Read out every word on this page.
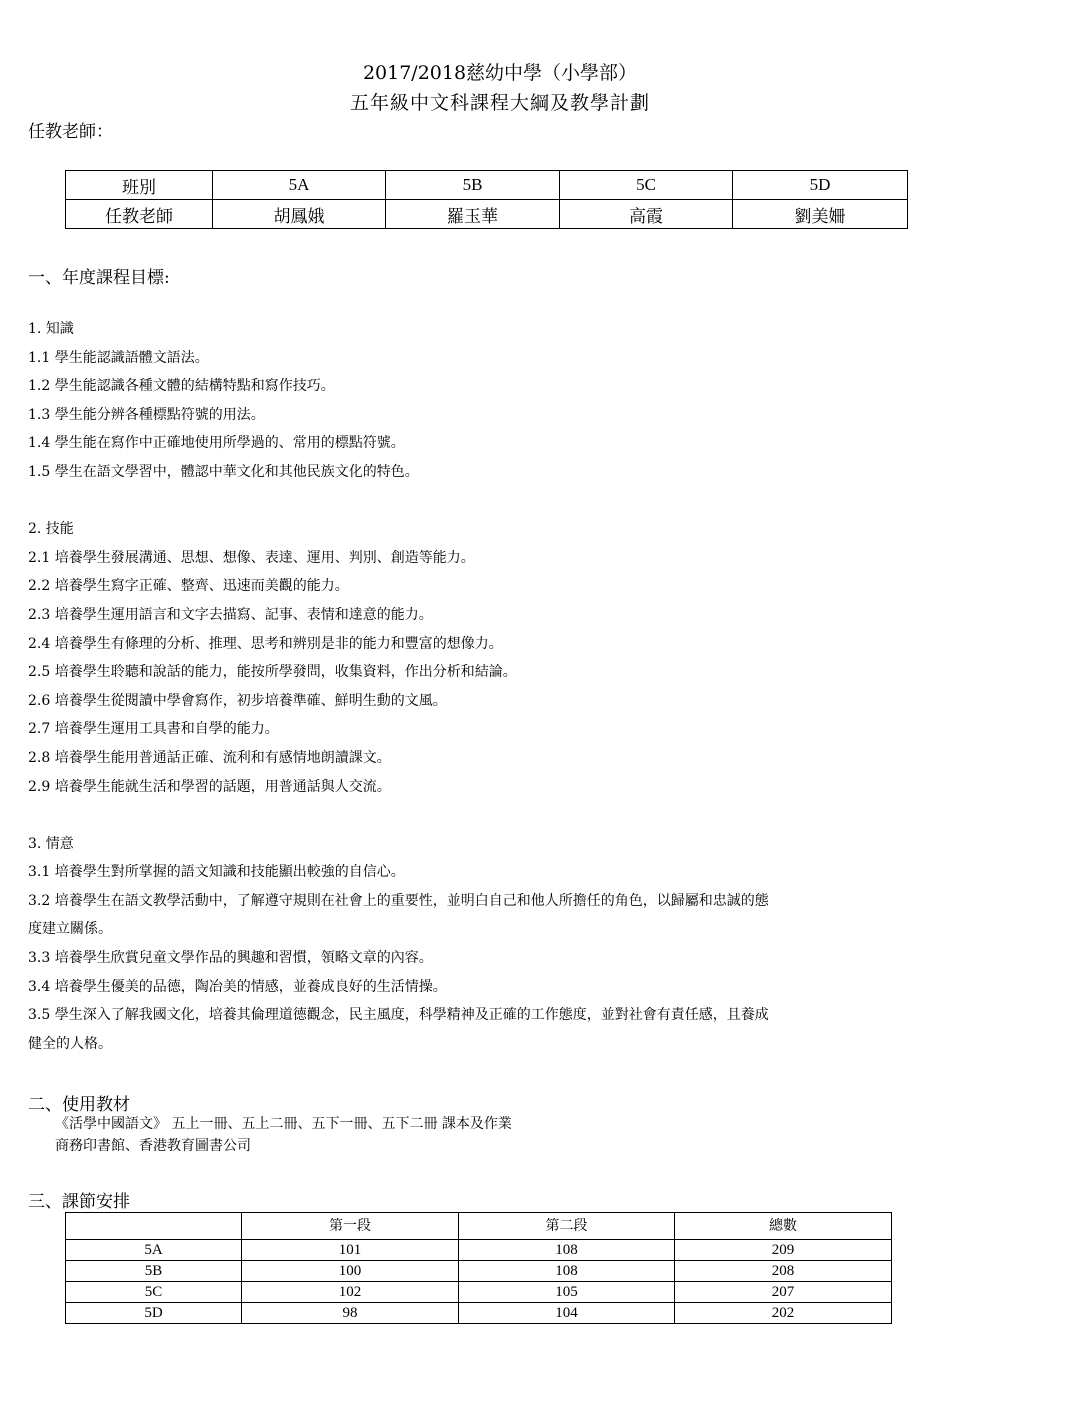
2017/2018慈幼中學（小學部）
五年級中文科課程大綱及教學計劃
任教老師：
班別	5A	5B	5C	5D
任教老師	胡鳳娥	羅玉華	高霞	劉美姍
一、年度課程目標:
1. 知識
1.1 學生能認識語體文語法。
1.2 學生能認識各種文體的結構特點和寫作技巧。
1.3 學生能分辨各種標點符號的用法。
1.4 學生能在寫作中正確地使用所學過的、常用的標點符號。
1.5 學生在語文學習中，體認中華文化和其他民族文化的特色。
2. 技能
2.1 培養學生發展溝通、思想、想像、表達、運用、判別、創造等能力。
2.2 培養學生寫字正確、整齊、迅速而美觀的能力。
2.3 培養學生運用語言和文字去描寫、記事、表情和達意的能力。
2.4 培養學生有條理的分析、推理、思考和辨別是非的能力和豐富的想像力。
2.5 培養學生聆聽和說話的能力，能按所學發問，收集資料，作出分析和結論。
2.6 培養學生從閱讀中學會寫作，初步培養準確、鮮明生動的文風。
2.7 培養學生運用工具書和自學的能力。
2.8 培養學生能用普通話正確、流利和有感情地朗讀課文。
2.9 培養學生能就生活和學習的話題，用普通話與人交流。
3. 情意
3.1 培養學生對所掌握的語文知識和技能顯出較強的自信心。
3.2 培養學生在語文教學活動中，了解遵守規則在社會上的重要性，並明白自己和他人所擔任的角色，以歸屬和忠誠的態
度建立關係。
3.3 培養學生欣賞兒童文學作品的興趣和習慣，領略文章的內容。
3.4 培養學生優美的品德，陶冶美的情感，並養成良好的生活情操。
3.5 學生深入了解我國文化，培養其倫理道德觀念，民主風度，科學精神及正確的工作態度，並對社會有責任感，且養成
健全的人格。
二、使用教材
《活學中國語文》 五上一冊、五上二冊、五下一冊、五下二冊 課本及作業
商務印書館、香港教育圖書公司
三、課節安排
	第一段	第二段	總數
5A	101	108	209
5B	100	108	208
5C	102	105	207
5D	98	104	202
